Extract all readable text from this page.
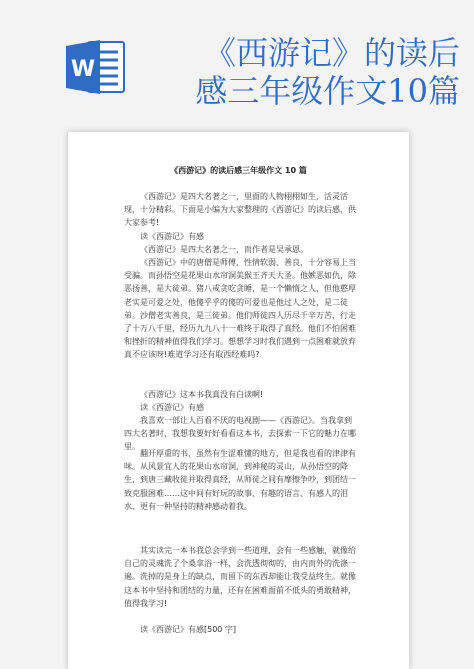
W	《西游记》的读后
感三年级作文10篇
《西游记》的读后感三年级作文 10 篇
《西游记》是四大名著之一，里面的人物栩栩如生，活灵活现，十分精彩。下面是小编为大家整理的《西游记》的读后感，供大家参考!
读《西游记》有感
《西游记》是四大名著之一，而作者是吴承恩。
《西游记》中的唐僧是师傅，性情软弱、善良，十分容易上当受骗。而孙悟空是花果山水帘洞美猴王齐天大圣。他嫉恶如仇，除恶扬善，是大徒弟。猪八戒贪吃贪睡，是一个懒惰之人，但他憨厚老实是可爱之处，他傻乎乎的傻的可爱也是他过人之处，是二徒弟。沙僧老实善良，是三徒弟。他们师徒四人历尽千辛万苦，行走了十万八千里，经历九九八十一难终于取得了真经。他们不怕困难和挫折的精神值得我们学习。想想学习时我们遇到一点困难就放弃真不应该呀!难道学习还有取西经难吗?
《西游记》这本书我真没有白读啊!
读《西游记》有感
我喜欢一部让人百看不厌的电视剧——《西游记》。当我拿到四大名著时，我想我要好好看看这本书，去探索一下它的魅力在哪里。
翻开厚重的书，虽然有生涩难懂的地方，但是我也看的津津有味。从风景宜人的花果山水帘洞，到神秘的灵山，从孙悟空的降生，到唐三藏收徒并取得真经，从师徒之间有摩擦争吵，到团结一致克服困难……这中间有好玩的故事、有趣的语言、有感人的泪水、更有一种坚持的精神感动着我。
其实读完一本书我总会学到一些道理，会有一些感触，就像给自己的灵魂洗了个桑拿浴一样，会洗透彻彻的，由内而外的洗涤一遍。洗掉的是身上的缺点，而留下的东西却能让我受益终生。就像这本书中坚持和团结的力量，还有在困难面前不低头的勇敢精神，值得我学习!
读《西游记》有感[500 字]
